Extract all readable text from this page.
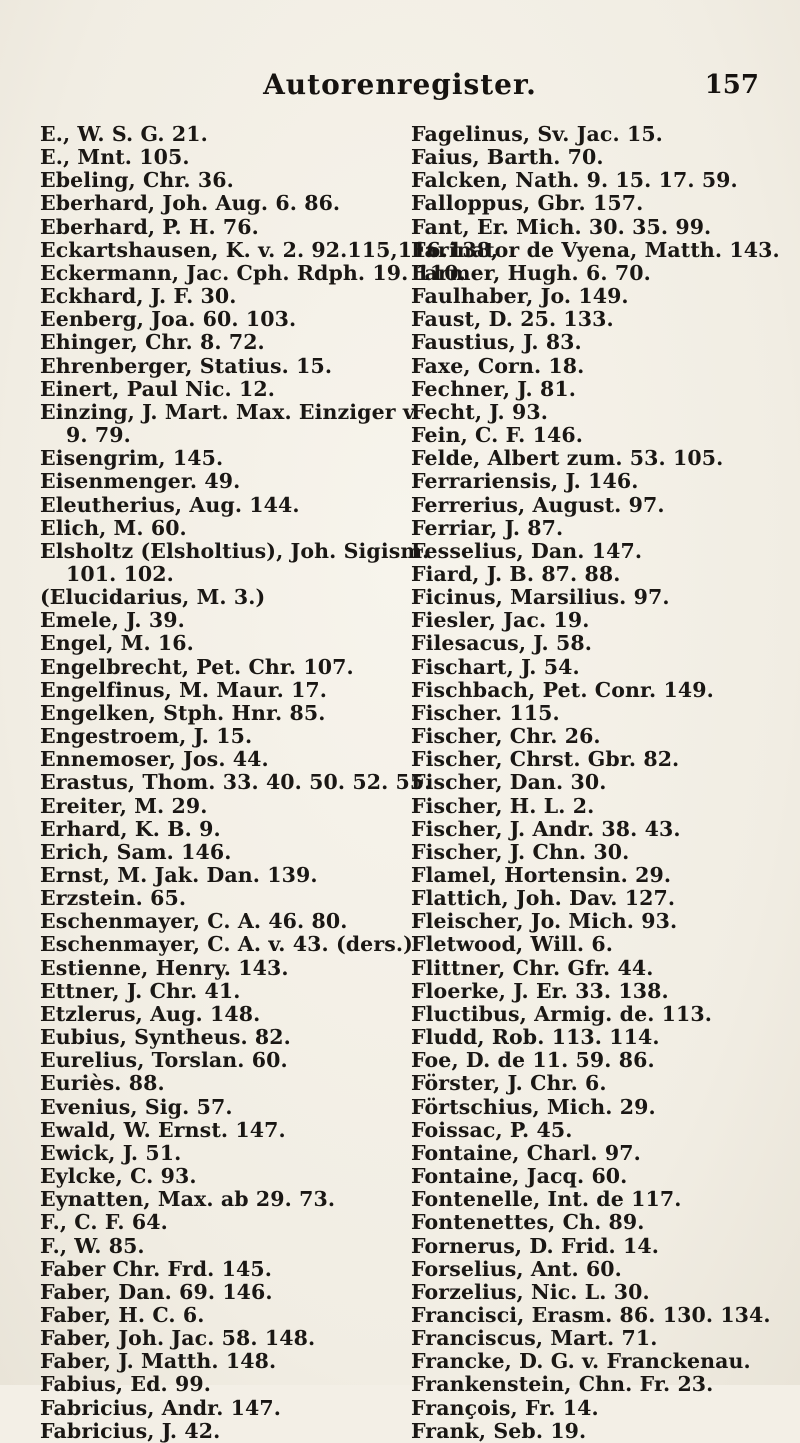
Autorenregister.	157
E., W. S. G. 21.
E., Mnt. 105.
Ebeling, Chr. 36.
Eberhard, Joh. Aug. 6. 86.
Eberhard, P. H. 76.
Eckartshausen, K. v. 2. 92.115,116.138,
Eckermann, Jac. Cph. Rdph. 19. 110.
Eckhard, J. F. 30.
Eenberg, Joa. 60. 103.
Ehinger, Chr. 8. 72.
Ehrenberger, Statius. 15.
Einert, Paul Nic. 12.
Einzing, J. Mart. Max. Einziger v. 9. 79.
Eisengrim, 145.
Eisenmenger. 49.
Eleutherius, Aug. 144.
Elich, M. 60.
Elsholtz (Elsholtius), Joh. Sigism. 101. 102.
(Elucidarius, M. 3.)
Emele, J. 39.
Engel, M. 16.
Engelbrecht, Pet. Chr. 107.
Engelfinus, M. Maur. 17.
Engelken, Stph. Hnr. 85.
Engestroem, J. 15.
Ennemoser, Jos. 44.
Erastus, Thom. 33. 40. 50. 52. 55.
Ereiter, M. 29.
Erhard, K. B. 9.
Erich, Sam. 146.
Ernst, M. Jak. Dan. 139.
Erzstein. 65.
Eschenmayer, C. A. 46. 80.
Eschenmayer, C. A. v. 43. (ders.)
Estienne, Henry. 143.
Ettner, J. Chr. 41.
Etzlerus, Aug. 148.
Eubius, Syntheus. 82.
Eurelius, Torslan. 60.
Euriès. 88.
Evenius, Sig. 57.
Ewald, W. Ernst. 147.
Ewick, J. 51.
Eylcke, C. 93.
Eynatten, Max. ab 29. 73.
F., C. F. 64.
F., W. 85.
Faber Chr. Frd. 145.
Faber, Dan. 69. 146.
Faber, H. C. 6.
Faber, Joh. Jac. 58. 148.
Faber, J. Matth. 148.
Fabius, Ed. 99.
Fabricius, Andr. 147.
Fabricius, J. 42.
Fagelinus, Sv. Jac. 15.
Faius, Barth. 70.
Falcken, Nath. 9. 15. 17. 59.
Falloppus, Gbr. 157.
Fant, Er. Mich. 30. 35. 99.
Farinator de Vyena, Matth. 143.
Farmer, Hugh. 6. 70.
Faulhaber, Jo. 149.
Faust, D. 25. 133.
Faustius, J. 83.
Faxe, Corn. 18.
Fechner, J. 81.
Fecht, J. 93.
Fein, C. F. 146.
Felde, Albert zum. 53. 105.
Ferrariensis, J. 146.
Ferrerius, August. 97.
Ferriar, J. 87.
Fesselius, Dan. 147.
Fiard, J. B. 87. 88.
Ficinus, Marsilius. 97.
Fiesler, Jac. 19.
Filesacus, J. 58.
Fischart, J. 54.
Fischbach, Pet. Conr. 149.
Fischer. 115.
Fischer, Chr. 26.
Fischer, Chrst. Gbr. 82.
Fischer, Dan. 30.
Fischer, H. L. 2.
Fischer, J. Andr. 38. 43.
Fischer, J. Chn. 30.
Flamel, Hortensin. 29.
Flattich, Joh. Dav. 127.
Fleischer, Jo. Mich. 93.
Fletwood, Will. 6.
Flittner, Chr. Gfr. 44.
Floerke, J. Er. 33. 138.
Fluctibus, Armig. de. 113.
Fludd, Rob. 113. 114.
Foe, D. de 11. 59. 86.
Förster, J. Chr. 6.
Förtschius, Mich. 29.
Foissac, P. 45.
Fontaine, Charl. 97.
Fontaine, Jacq. 60.
Fontenelle, Int. de 117.
Fontenettes, Ch. 89.
Fornerus, D. Frid. 14.
Forselius, Ant. 60.
Forzelius, Nic. L. 30.
Francisci, Erasm. 86. 130. 134.
Franciscus, Mart. 71.
Francke, D. G. v. Franckenau.
Frankenstein, Chn. Fr. 23.
François, Fr. 14.
Frank, Seb. 19.
